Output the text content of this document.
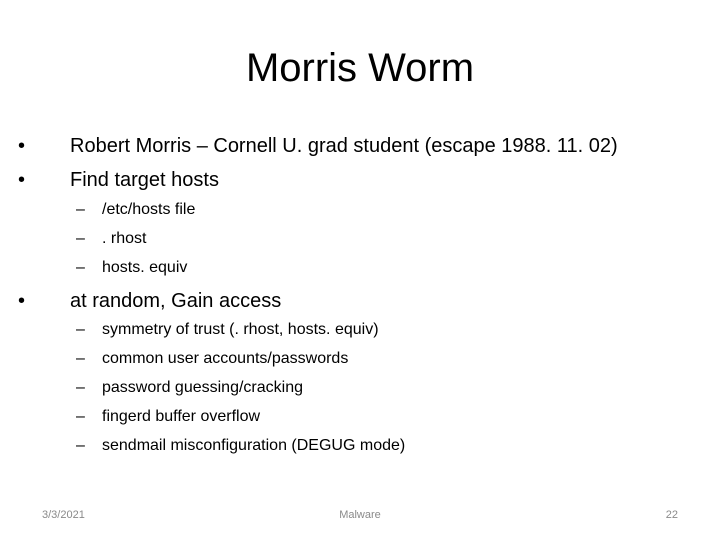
Morris Worm
•	Robert Morris – Cornell U. grad student (escape 1988. 11. 02)
•	Find target hosts
– /etc/hosts file
– . rhost
– hosts. equiv
•	at random, Gain access
– symmetry of trust (. rhost, hosts. equiv)
– common user accounts/passwords
– password guessing/cracking
– fingerd buffer overflow
– sendmail misconfiguration (DEGUG mode)
3/3/2021	Malware	22
